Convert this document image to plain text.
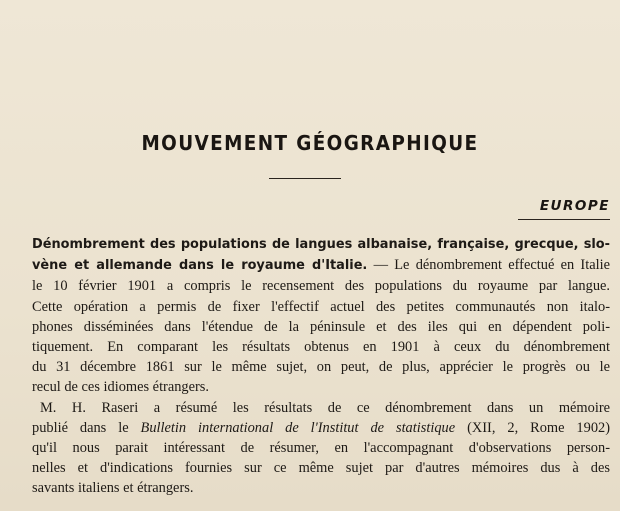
MOUVEMENT GÉOGRAPHIQUE
EUROPE
Dénombrement des populations de langues albanaise, française, grecque, slo-
vène et allemande dans le royaume d'Italie. — Le dénombrement effectué en Italie
le 10 février 1901 a compris le recensement des populations du royaume par langue.
Cette opération a permis de fixer l'effectif actuel des petites communautés non italo-
phones disséminées dans l'étendue de la péninsule et des iles qui en dépendent poli-
tiquement. En comparant les résultats obtenus en 1901 à ceux du dénombrement
du 31 décembre 1861 sur le même sujet, on peut, de plus, apprécier le progrès ou le
recul de ces idiomes étrangers.
M. H. Raseri a résumé les résultats de ce dénombrement dans un mémoire
publié dans le Bulletin international de l'Institut de statistique (XII, 2, Rome 1902)
qu'il nous parait intéressant de résumer, en l'accompagnant d'observations person-
nelles et d'indications fournies sur ce même sujet par d'autres mémoires dus à des
savants italiens et étrangers.
